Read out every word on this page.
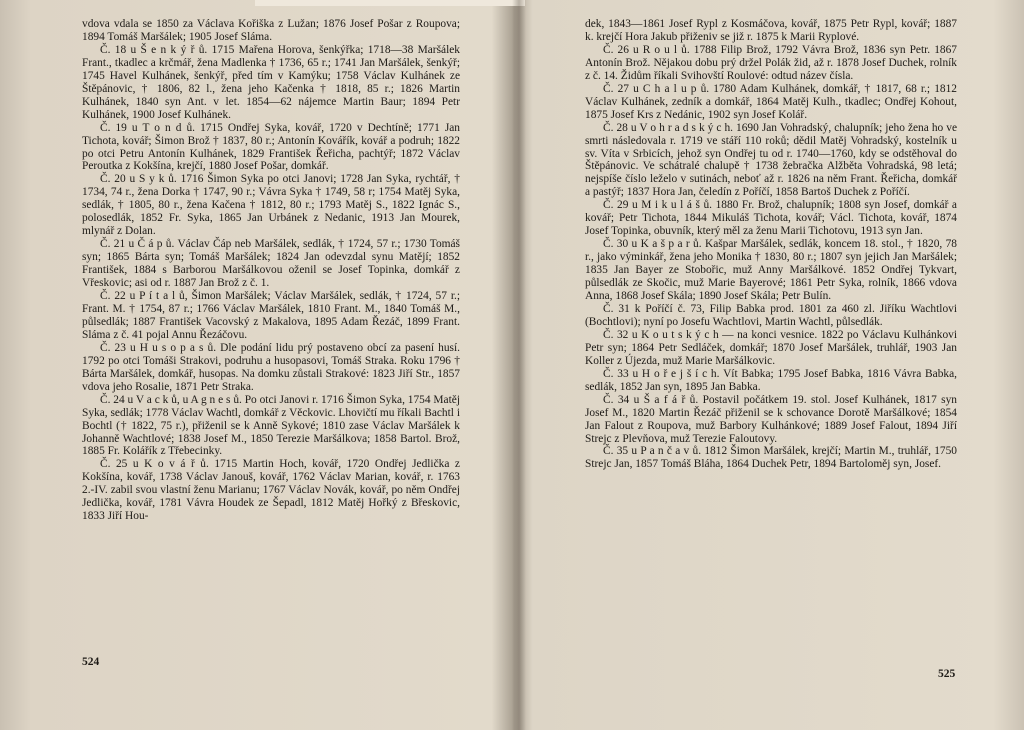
vdova vdala se 1850 za Václava Kořiška z Lužan; 1876 Josef Pošar z Roupova; 1894 Tomáš Maršálek; 1905 Josef Sláma.

Č. 18 u Š e n k ý ř ů. 1715 Mařena Horova, šenkýřka; 1718—38 Maršálek Frant., tkadlec a krčmář, žena Madlenka † 1736, 65 r.; 1741 Jan Maršálek, šenkýř; 1745 Havel Kulhánek, šenkýř, před tím v Kamýku; 1758 Václav Kulhánek ze Štěpánovic, † 1806, 82 l., žena jeho Kačenka † 1818, 85 r.; 1826 Martin Kulhánek, 1840 syn Ant. v let. 1854—62 nájemce Martin Baur; 1894 Petr Kulhánek, 1900 Josef Kulhánek.

Č. 19 u T o n d ů. 1715 Ondřej Syka, kovář, 1720 v Dechtíně; 1771 Jan Tichota, kovář; Šimon Brož † 1837, 80 r.; Antonín Kovářík, kovář a podruh; 1822 po otci Petru Antonín Kulhánek, 1829 František Řeřicha, pachtýř; 1872 Václav Peroutka z Kokšína, krejčí, 1880 Josef Pošar, domkář.

Č. 20 u S y k ů. 1716 Šimon Syka po otci Janovi; 1728 Jan Syka, rychtář, † 1734, 74 r., žena Dorka † 1747, 90 r.; Vávra Syka † 1749, 58 r; 1754 Matěj Syka, sedlák, † 1805, 80 r., žena Kačena † 1812, 80 r.; 1793 Matěj S., 1822 Ignác S., polosedlák, 1852 Fr. Syka, 1865 Jan Urbánek z Nedanic, 1913 Jan Mourek, mlynář z Dolan.

Č. 21 u Č á p ů. Václav Čáp neb Maršálek, sedlák, † 1724, 57 r.; 1730 Tomáš syn; 1865 Bárta syn; Tomáš Maršálek; 1824 Jan odevzdal synu Matějí; 1852 František, 1884 s Barborou Maršálkovou oženil se Josef Topinka, domkář z Vřeskovic; asi od r. 1887 Jan Brož z č. 1.

Č. 22 u P í t a l ů, Šimon Maršálek; Václav Maršálek, sedlák, † 1724, 57 r.; Frant. M. † 1754, 87 r.; 1766 Václav Maršálek, 1810 Frant. M., 1840 Tomáš M., půlsedlák; 1887 František Vacovský z Makalova, 1895 Adam Řezáč, 1899 Frant. Sláma z č. 41 pojal Annu Řezáčovu.

Č. 23 u H u s o p a s ů. Dle podání lidu prý postaveno obcí za pasení husí. 1792 po otci Tomáši Strakovi, podruhu a husopasovi, Tomáš Straka. Roku 1796 † Bárta Maršálek, domkář, husopas. Na domku zůstali Strakové: 1823 Jiří Str., 1857 vdova jeho Rosalie, 1871 Petr Straka.

Č. 24 u V a c k ů, u A g n e s ů. Po otci Janovi r. 1716 Šimon Syka, 1754 Matěj Syka, sedlák; 1778 Václav Wachtl, domkář z Věckovic. Lhovičtí mu říkali Bachtl i Bochtl († 1822, 75 r.), přiženil se k Anně Sykové; 1810 zase Václav Maršálek k Johanně Wachtlové; 1838 Josef M., 1850 Terezie Maršálkova; 1858 Bartol. Brož, 1885 Fr. Kolářík z Třebecinky.

Č. 25 u K o v á ř ů. 1715 Martin Hoch, kovář, 1720 Ondřej Jedlička z Kokšína, kovář, 1738 Václav Janouš, kovář, 1762 Václav Marian, kovář, r. 1763 2.-IV. zabil svou vlastní ženu Marianu; 1767 Václav Novák, kovář, po něm Ondřej Jedlička, kovář, 1781 Vávra Houdek ze Šepadl, 1812 Matěj Hořký z Břeskovic, 1833 Jiří Hou-

524

dek, 1843—1861 Josef Rypl z Kosmáčova, kovář, 1875 Petr Rypl, kovář; 1887 k. krejčí Hora Jakub přiženiv se již r. 1875 k Marii Ryplové.

Č. 26 u R o u l ů. 1788 Filip Brož, 1792 Vávra Brož, 1836 syn Petr. 1867 Antonín Brož. Nějakou dobu prý držel Polák žid, až r. 1878 Josef Duchek, rolník z č. 14. Židům říkali Svihovští Roulové: odtud název čísla.

Č. 27 u C h a l u p ů. 1780 Adam Kulhánek, domkář, † 1817, 68 r.; 1812 Václav Kulhánek, zedník a domkář, 1864 Matěj Kulh., tkadlec; Ondřej Kohout, 1875 Josef Krs z Nedánic, 1902 syn Josef Kolář.

Č. 28 u V o h r a d s k ý c h. 1690 Jan Vohradský, chalupník; jeho žena ho ve smrti následovala r. 1719 ve stáří 110 roků; dědil Matěj Vohradský, kostelník u sv. Víta v Srbicích, jehož syn Ondřej tu od r. 1740—1760, kdy se odstěhoval do Štěpánovic. Ve schátralé chalupě † 1738 žebračka Alžběta Vohradská, 98 letá; nejspíše číslo leželo v sutinách, neboť až r. 1826 na něm Frant. Řeřicha, domkář a pastýř; 1837 Hora Jan, čeledín z Poříčí, 1858 Bartoš Duchek z Poříčí.

Č. 29 u M i k u l á š ů. 1880 Fr. Brož, chalupník; 1808 syn Josef, domkář a kovář; Petr Tichota, 1844 Mikuláš Tichota, kovář; Václ. Tichota, kovář, 1874 Josef Topinka, obuvník, který měl za ženu Marii Tichotovu, 1913 syn Jan.

Č. 30 u K a š p a r ů. Kašpar Maršálek, sedlák, koncem 18. stol., † 1820, 78 r., jako výminkář, žena jeho Monika † 1830, 80 r.; 1807 syn jejich Jan Maršálek; 1835 Jan Bayer ze Stobořic, muž Anny Maršálkové. 1852 Ondřej Tykvart, půlsedlák ze Skočic, muž Marie Bayerové; 1861 Petr Syka, rolník, 1866 vdova Anna, 1868 Josef Skála; 1890 Josef Skála; Petr Bulín.

Č. 31 k Poříčí č. 73, Filip Babka prod. 1801 za 460 zl. Jiříku Wachtlovi (Bochtlovi); nyní po Josefu Wachtlovi, Martin Wachtl, půlsedlák.

Č. 32 u K o u t s k ý c h — na konci vesnice. 1822 po Václavu Kulhánkovi Petr syn; 1864 Petr Sedláček, domkář; 1870 Josef Maršálek, truhlář, 1903 Jan Koller z Újezda, muž Marie Maršálkovic.

Č. 33 u H o ř e j š í c h. Vít Babka; 1795 Josef Babka, 1816 Vávra Babka, sedlák, 1852 Jan syn, 1895 Jan Babka.

Č. 34 u Š a f á ř ů. Postavil počátkem 19. stol. Josef Kulhánek, 1817 syn Josef M., 1820 Martin Řezáč přiženil se k schovance Dorotě Maršálkové; 1854 Jan Falout z Roupova, muž Barbory Kulhánkové; 1889 Josef Falout, 1894 Jiří Strejc z Plevňova, muž Terezie Faloutovy.

Č. 35 u P a n č a v ů. 1812 Šimon Maršálek, krejčí; Martin M., truhlář, 1750 Strejc Jan, 1857 Tomáš Bláha, 1864 Duchek Petr, 1894 Bartoloměj syn, Josef.

525
